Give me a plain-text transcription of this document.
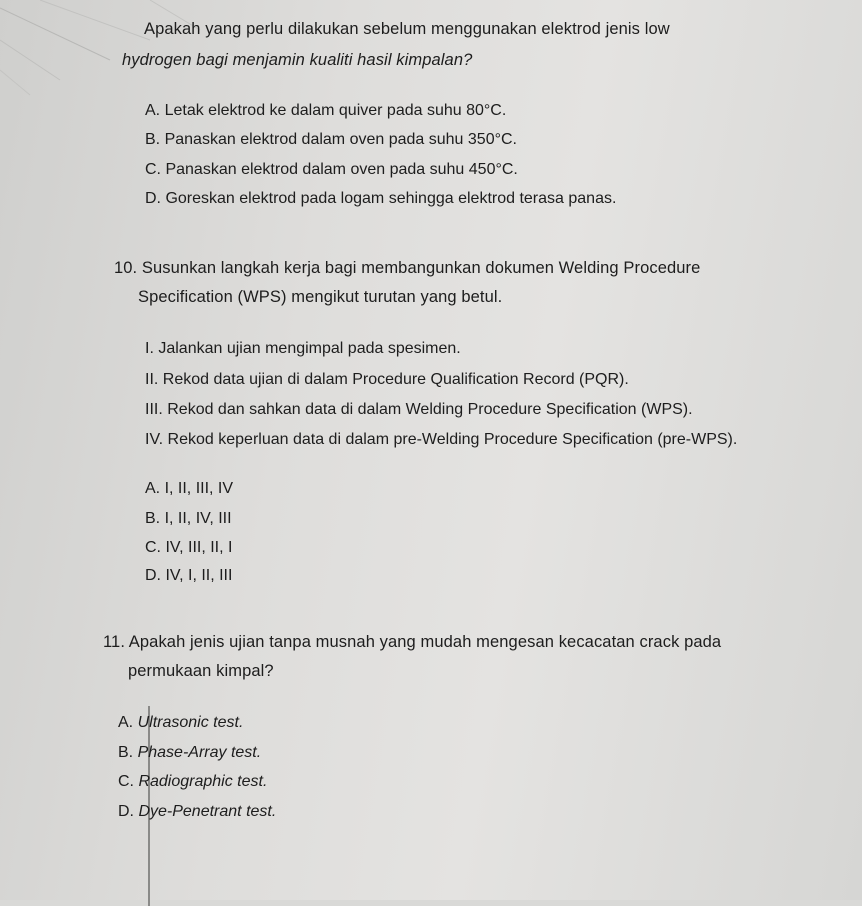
Apakah yang perlu dilakukan sebelum menggunakan elektrod jenis low
hydrogen bagi menjamin kualiti hasil kimpalan?
A. Letak elektrod ke dalam quiver pada suhu 80°C.
B. Panaskan elektrod dalam oven pada suhu 350°C.
C. Panaskan elektrod dalam oven pada suhu 450°C.
D. Goreskan elektrod pada logam sehingga elektrod terasa panas.
10. Susunkan langkah kerja bagi membangunkan dokumen Welding Procedure
Specification (WPS) mengikut turutan yang betul.
I. Jalankan ujian mengimpal pada spesimen.
II. Rekod data ujian di dalam Procedure Qualification Record (PQR).
III. Rekod dan sahkan data di dalam Welding Procedure Specification (WPS).
IV. Rekod keperluan data di dalam pre-Welding Procedure Specification (pre-WPS).
A. I, II, III, IV
B. I, II, IV, III
C. IV, III, II, I
D. IV, I, II, III
11. Apakah jenis ujian tanpa musnah yang mudah mengesan kecacatan crack pada
permukaan kimpal?
A. Ultrasonic test.
B. Phase-Array test.
C. Radiographic test.
D. Dye-Penetrant test.
